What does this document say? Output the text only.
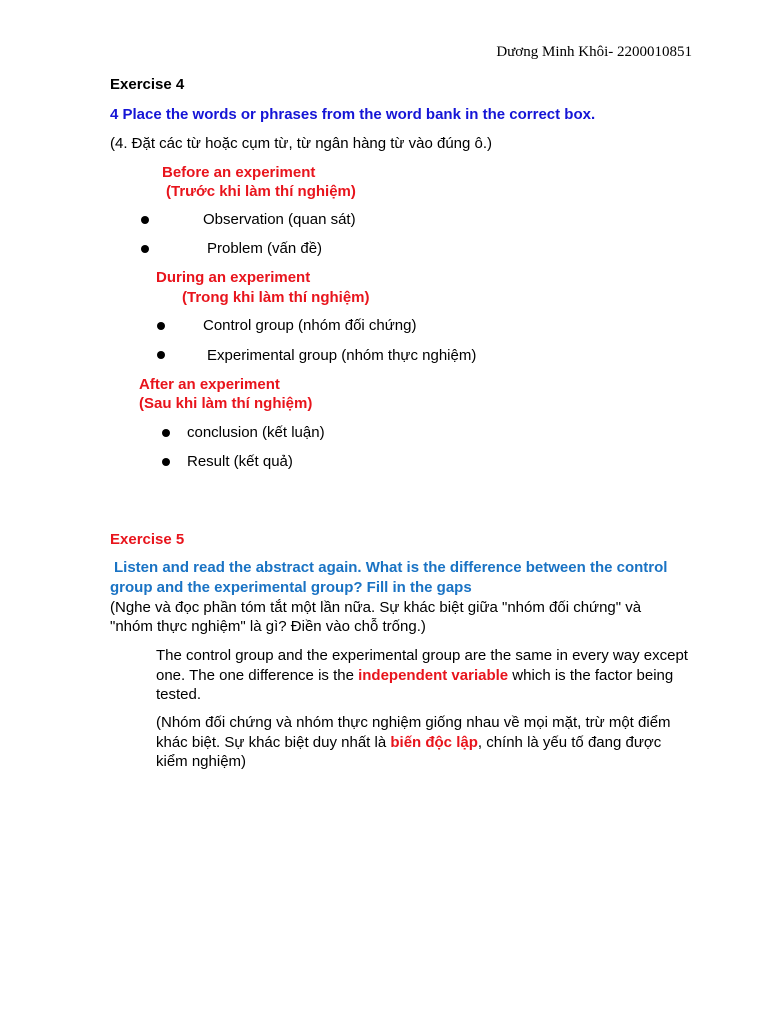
Dương Minh Khôi- 2200010851
Exercise 4
4 Place the words or phrases from the word bank in the correct box.
(4. Đặt các từ hoặc cụm từ, từ ngân hàng từ vào đúng ô.)
Before an experiment
(Trước khi làm thí nghiệm)
Observation (quan sát)
Problem (vấn đề)
During an experiment
(Trong khi làm thí nghiệm)
Control group (nhóm đối chứng)
Experimental group (nhóm thực nghiệm)
After an experiment
(Sau khi làm thí nghiệm)
conclusion (kết luận)
Result (kết quả)
Exercise 5
Listen and read the abstract again. What is the difference between the control
group and the experimental group? Fill in the gaps
(Nghe và đọc phần tóm tắt một lần nữa. Sự khác biệt giữa "nhóm đối chứng" và
"nhóm thực nghiệm" là gì? Điền vào chỗ trống.)
The control group and the experimental group are the same in every way except one. The one difference is the independent variable which is the factor being tested.
(Nhóm đối chứng và nhóm thực nghiệm giống nhau về mọi mặt, trừ một điểm khác biệt. Sự khác biệt duy nhất là biến độc lập, chính là yếu tố đang được kiểm nghiệm)
